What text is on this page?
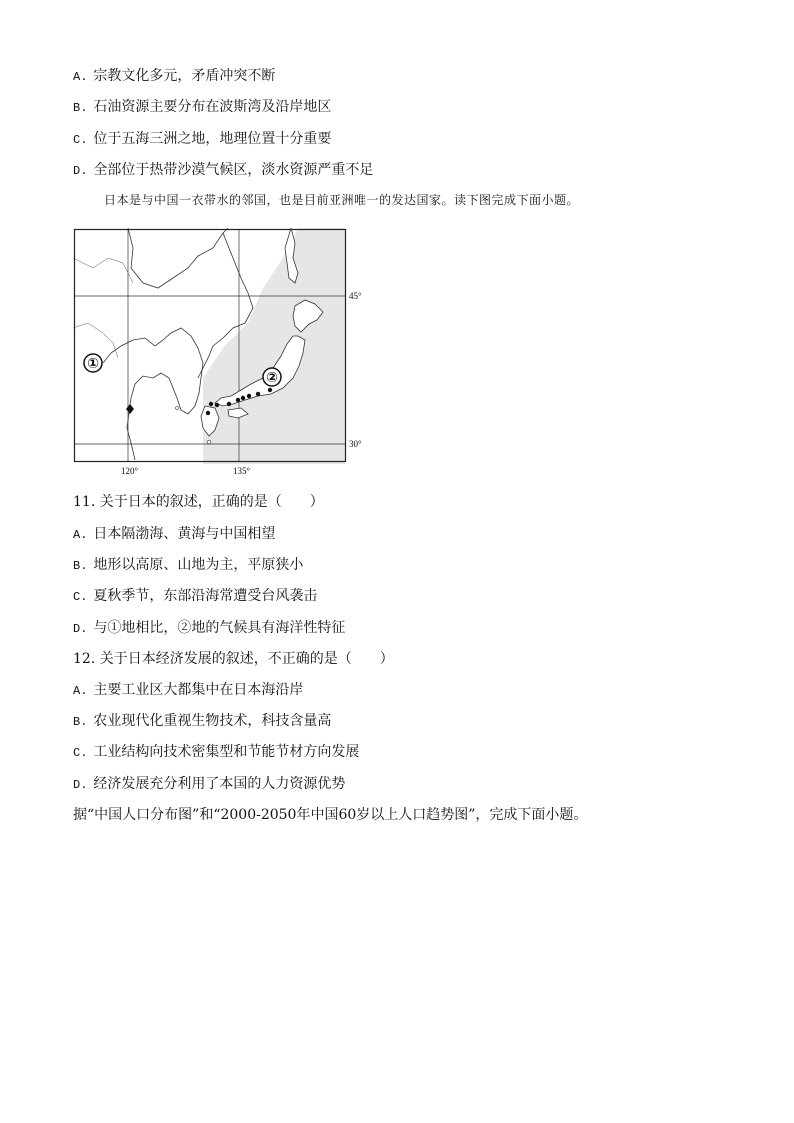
A. 宗教文化多元，矛盾冲突不断
B. 石油资源主要分布在波斯湾及沿岸地区
C. 位于五海三洲之地，地理位置十分重要
D. 全部位于热带沙漠气候区，淡水资源严重不足
日本是与中国一衣带水的邻国，也是目前亚洲唯一的发达国家。读下图完成下面小题。
①
②
45°
30°
120°	135°
11. 关于日本的叙述，正确的是（　　）
A. 日本隔渤海、黄海与中国相望
B. 地形以高原、山地为主，平原狭小
C. 夏秋季节，东部沿海常遭受台风袭击
D. 与①地相比，②地的气候具有海洋性特征
12. 关于日本经济发展的叙述，不正确的是（　　）
A. 主要工业区大都集中在日本海沿岸
B. 农业现代化重视生物技术，科技含量高
C. 工业结构向技术密集型和节能节材方向发展
D. 经济发展充分利用了本国的人力资源优势
据“中国人口分布图”和“2000-2050年中国60岁以上人口趋势图”，完成下面小题。
